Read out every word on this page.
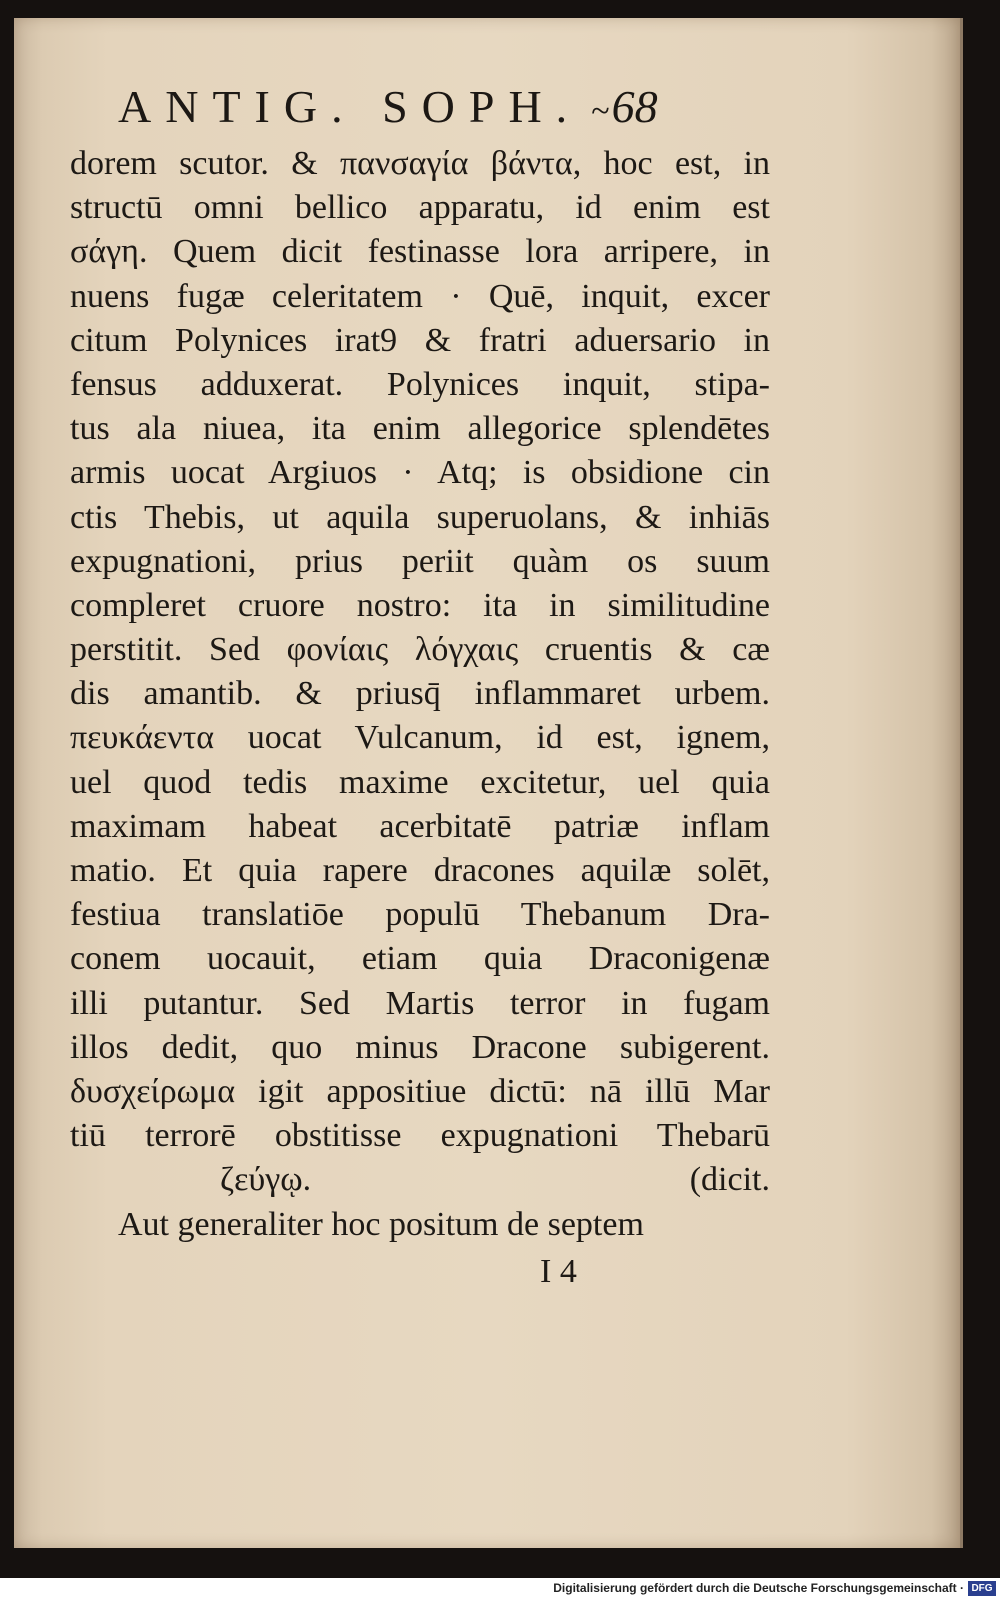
ANTIG. SOPH. ~ 68
dorem scutor. & πανσαγία βάντα, hoc est, in
structū omni bellico apparatu, id enim est
σάγη. Quem dicit festinasse lora arripere, in
nuens fugæ celeritatem · Quē, inquit, excer
citum Polynices irat9 & fratri aduersario in
fensus adduxerat. Polynices inquit, stipa-
tus ala niuea, ita enim allegorice splendētes
armis uocat Argiuos · Atq; is obsidione cin
ctis Thebis, ut aquila superuolans, & inhiās
expugnationi, prius periit quàm os suum
compleret cruore nostro: ita in similitudine
perstitit. Sed φονίαις λόγχαις cruentis & cæ
dis amantib. & priusq̄ inflammaret urbem.
πευκάεντα uocat Vulcanum, id est, ignem,
uel quod tedis maxime excitetur, uel quia
maximam habeat acerbitatē patriæ inflam
matio. Et quia rapere dracones aquilæ solēt,
festiua translatiōe populū Thebanum Dra-
conem uocauit, etiam quia Draconigenæ
illi putantur. Sed Martis terror in fugam
illos dedit, quo minus Dracone subigerent.
δυσχείρωμα igit appositiue dictū: nā illū Mar
tiū terrorē obstitisse expugnationi Thebarū
ζεύγῳ.	(dicit.
Aut generaliter hoc positum de septem
I 4
Digitalisierung gefördert durch die Deutsche Forschungsgemeinschaft · DFG
